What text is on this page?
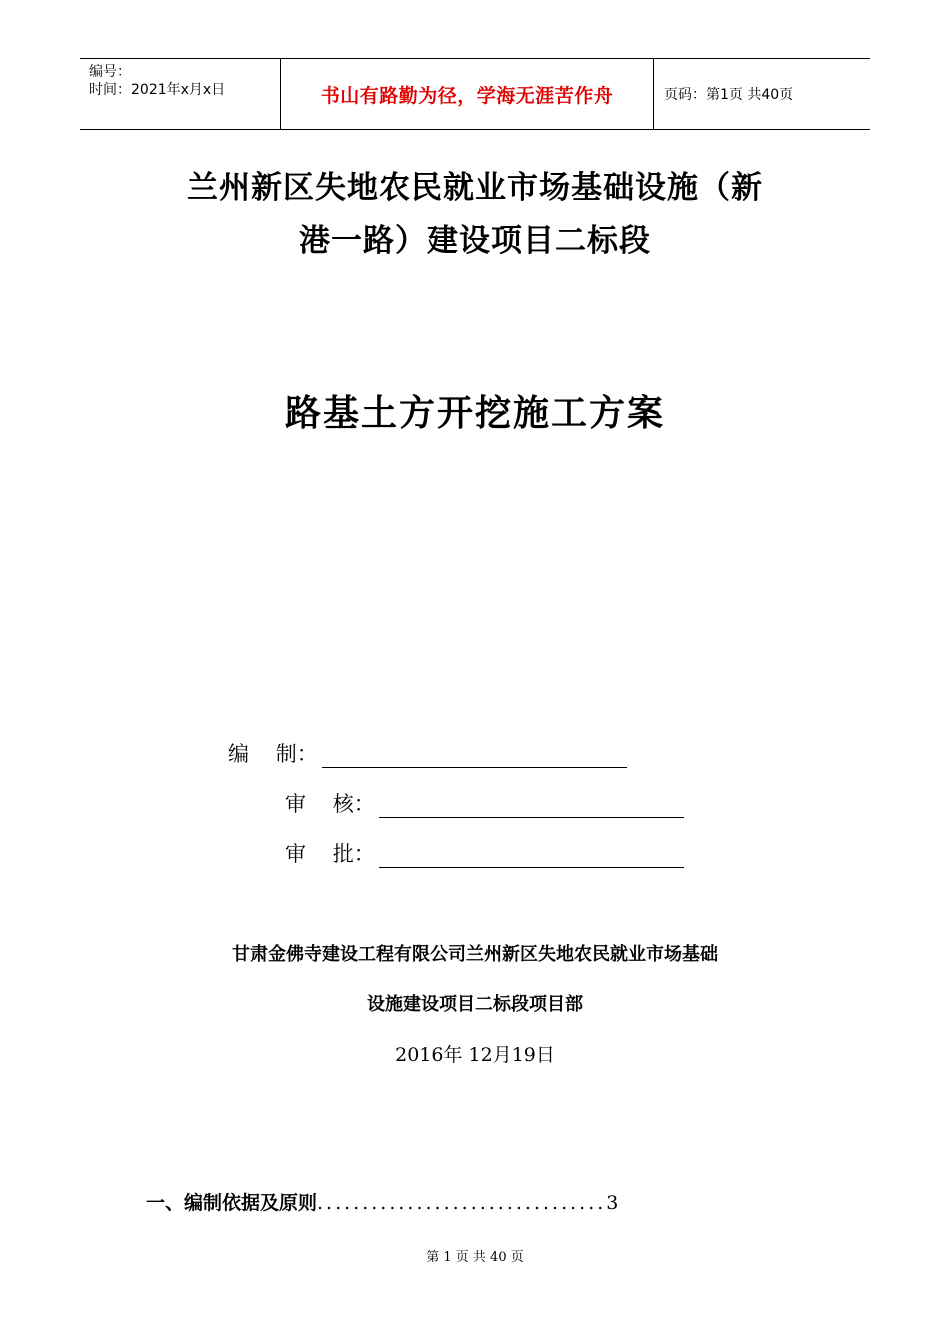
编号：
时间：2021年x月x日	书山有路勤为径，学海无涯苦作舟	页码：第1页 共40页
兰州新区失地农民就业市场基础设施（新
港一路）建设项目二标段
路基土方开挖施工方案
编    制：
审    核：
审    批：
甘肃金佛寺建设工程有限公司兰州新区失地农民就业市场基础
设施建设项目二标段项目部
2016年 12月19日
一、编制依据及原则................................3
第 1 页 共 40 页
